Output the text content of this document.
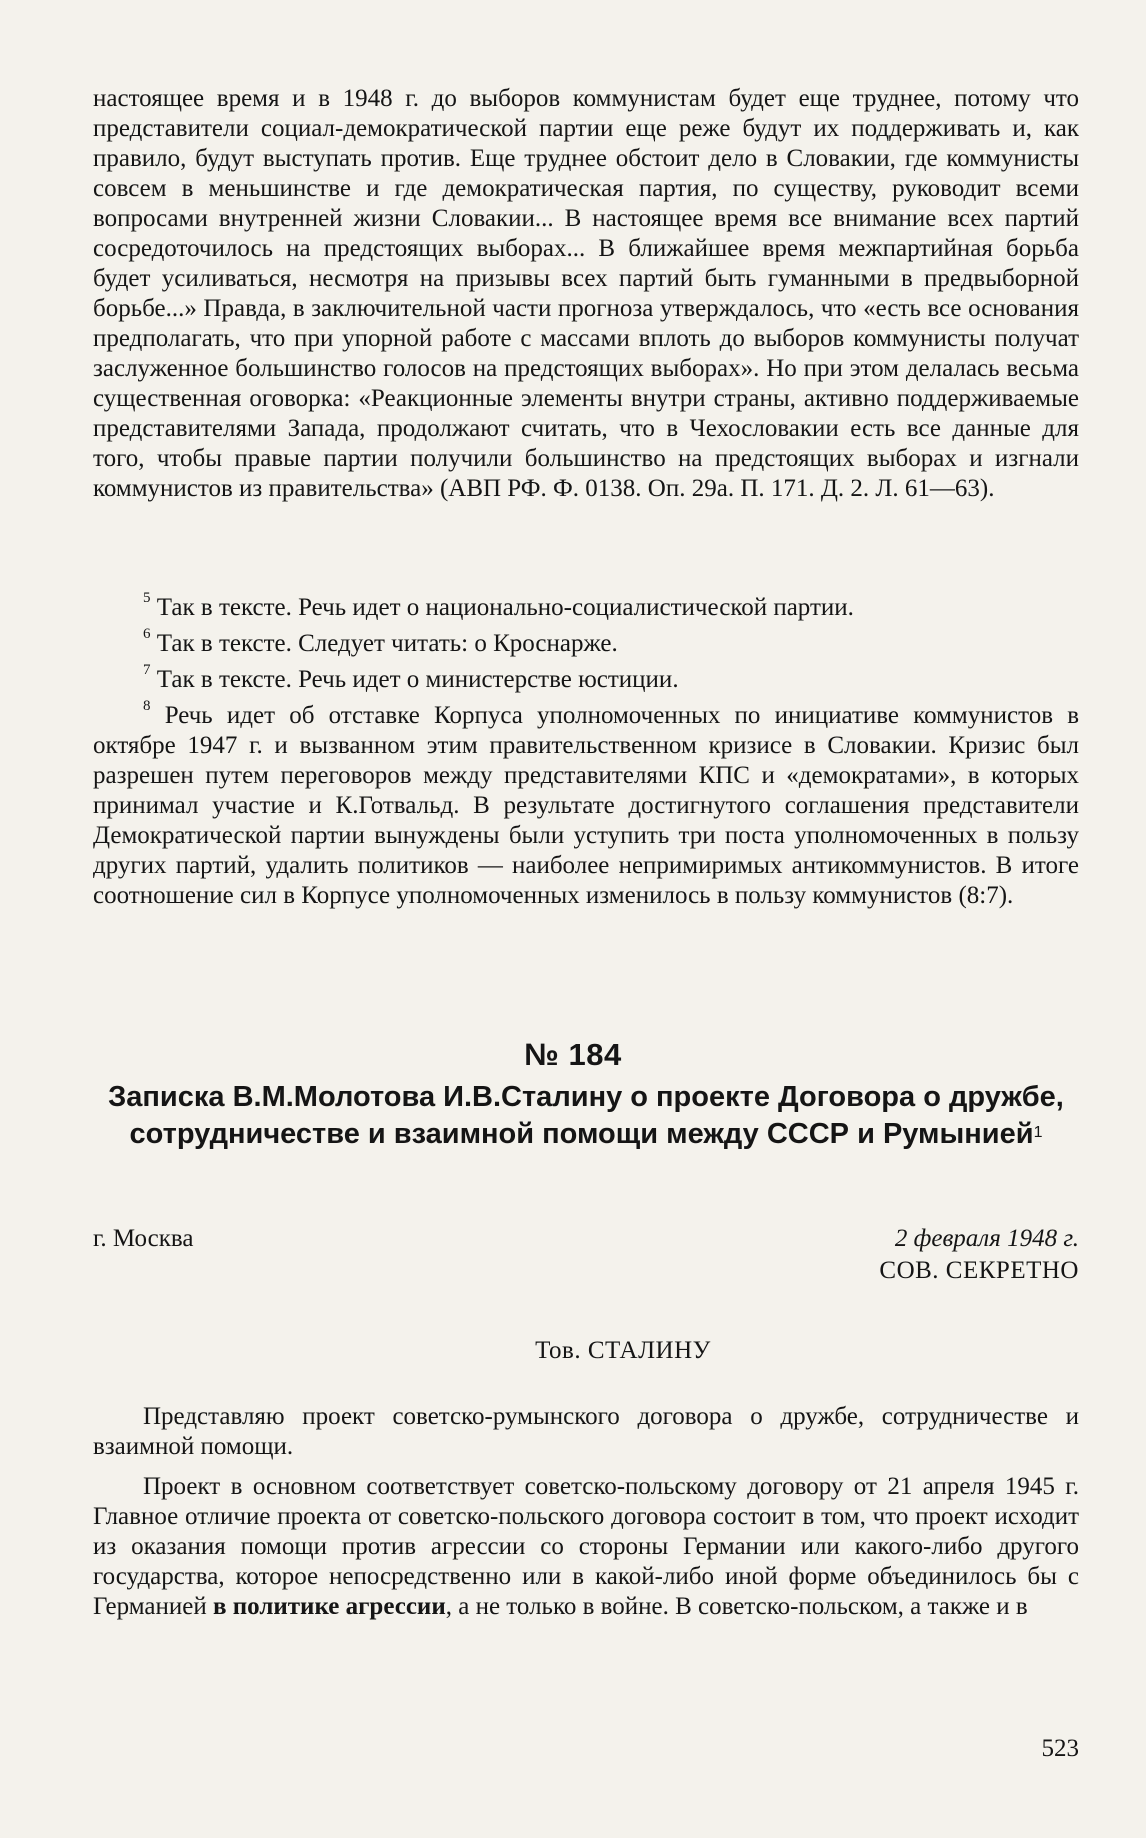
настоящее время и в 1948 г. до выборов коммунистам будет еще труднее, потому что представители социал-демократической партии еще реже будут их поддерживать и, как правило, будут выступать против. Еще труднее обстоит дело в Словакии, где коммунисты совсем в меньшинстве и где демократическая партия, по существу, руководит всеми вопросами внутренней жизни Словакии... В настоящее время все внимание всех партий сосредоточилось на предстоящих выборах... В ближайшее время межпартийная борьба будет усиливаться, несмотря на призывы всех партий быть гуманными в предвыборной борьбе...» Правда, в заключительной части прогноза утверждалось, что «есть все основания предполагать, что при упорной работе с массами вплоть до выборов коммунисты получат заслуженное большинство голосов на предстоящих выборах». Но при этом делалась весьма существенная оговорка: «Реакционные элементы внутри страны, активно поддерживаемые представителями Запада, продолжают считать, что в Чехословакии есть все данные для того, чтобы правые партии получили большинство на предстоящих выборах и изгнали коммунистов из правительства» (АВП РФ. Ф. 0138. Оп. 29а. П. 171. Д. 2. Л. 61—63).

$^5$ Так в тексте. Речь идет о национально-социалистической партии.

$^6$ Так в тексте. Следует читать: о Кроснарже.

$^7$ Так в тексте. Речь идет о министерстве юстиции.

$^8$ Речь идет об отставке Корпуса уполномоченных по инициативе коммунистов в октябре 1947 г. и вызванном этим правительственном кризисе в Словакии. Кризис был разрешен путем переговоров между представителями КПС и «демократами», в которых принимал участие и К.Готвальд. В результате достигнутого соглашения представители Демократической партии вынуждены были уступить три поста уполномоченных в пользу других партий, удалить политиков — наиболее непримиримых антикоммунистов. В итоге соотношение сил в Корпусе уполномоченных изменилось в пользу коммунистов (8:7).

№ 184

Записка В.М.Молотова И.В.Сталину о проекте Договора о дружбе, сотрудничестве и взаимной помощи между СССР и Румынией$^1$

г. Москва	2 февраля 1948 г.

СОВ. СЕКРЕТНО

Тов. СТАЛИНУ

Представляю проект советско-румынского договора о дружбе, сотрудничестве и взаимной помощи.

Проект в основном соответствует советско-польскому договору от 21 апреля 1945 г. Главное отличие проекта от советско-польского договора состоит в том, что проект исходит из оказания помощи против агрессии со стороны Германии или какого-либо другого государства, которое непосредственно или в какой-либо иной форме объединилось бы с Германией в политике агрессии, а не только в войне. В советско-польском, а также и в

523
